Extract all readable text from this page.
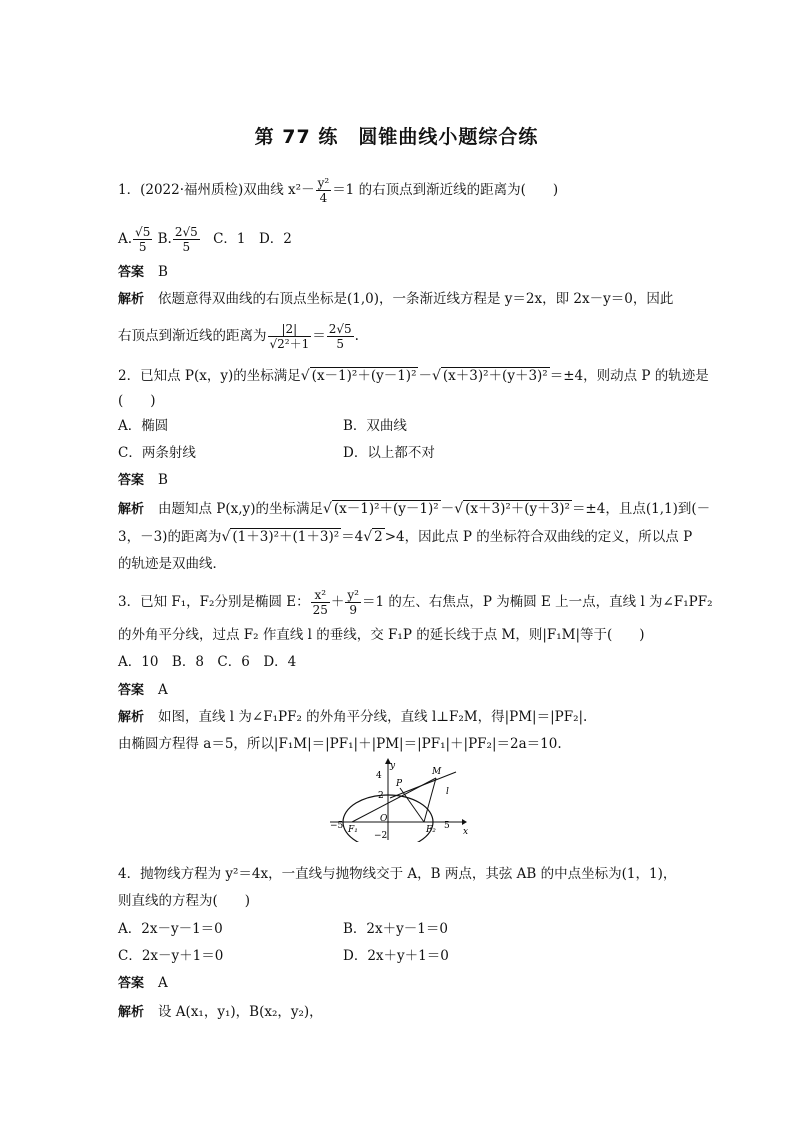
第 77 练　圆锥曲线小题综合练
1．(2022·福州质检)双曲线 $x^2- \frac{\text{y²}}{4} =1$ 的右顶点到渐近线的距离为(　　)
A. $\frac{√5}{5} B$. $\frac{2√5}{5}$ C．1　D．2
答案 B
解析 依题意得双曲线的右顶点坐标是(1,0)，一条渐近线方程是 y＝2x，即 2x－y＝0，因此
右顶点到渐近线的距离为 $\frac{|2|}{\text{√2²＋1}} = \frac{2√5}{5}$ .
2．已知点 P(x，y)的坐标满足√ (x－1)²＋(y－1)² －√ (x＋3)²＋(y＋3)² ＝±4，则动点 P 的轨迹是
(　　)
A．椭圆	B．双曲线
C．两条射线	D．以上都不对
答案 B
解析 由题知点 P(x,y)的坐标满足√ (x－1)²＋(y－1)² －√ (x＋3)²＋(y＋3)² ＝±4，且点(1,1)到(－
3，－3)的距离为√ (1＋3)²＋(1＋3)² ＝4√ 2 >4，因此点 P 的坐标符合双曲线的定义，所以点 P
的轨迹是双曲线．
3．已知 F₁，F₂分别是椭圆 E： $\frac{\text{x²}}{25} + \frac{\text{y²}}{9} =1$ 的左、右焦点，P 为椭圆 E 上一点，直线 l 为∠F₁PF₂
的外角平分线，过点 F₂ 作直线 l 的垂线，交 F₁P 的延长线于点 M，则|F₁M|等于(　　)
A．10　B．8　C．6　D．4
答案 A
解析 如图，直线 l 为∠F₁PF₂ 的外角平分线，直线 l⊥F₂M，得|PM|＝|PF₂|.
由椭圆方程得 a＝5，所以|F₁M|＝|PF₁|＋|PM|＝|PF₁|＋|PF₂|＝2a＝10.
y
x
4
2
−2
−5	5
O
F₁	F₂
P
M
l
4．抛物线方程为 y²＝4x，一直线与抛物线交于 A，B 两点，其弦 AB 的中点坐标为(1，1)，
则直线的方程为(　　)
A．2x－y－1＝0	B．2x＋y－1＝0
C．2x－y＋1＝0	D．2x＋y＋1＝0
答案 A
解析 设 A(x₁，y₁)，B(x₂，y₂)，
